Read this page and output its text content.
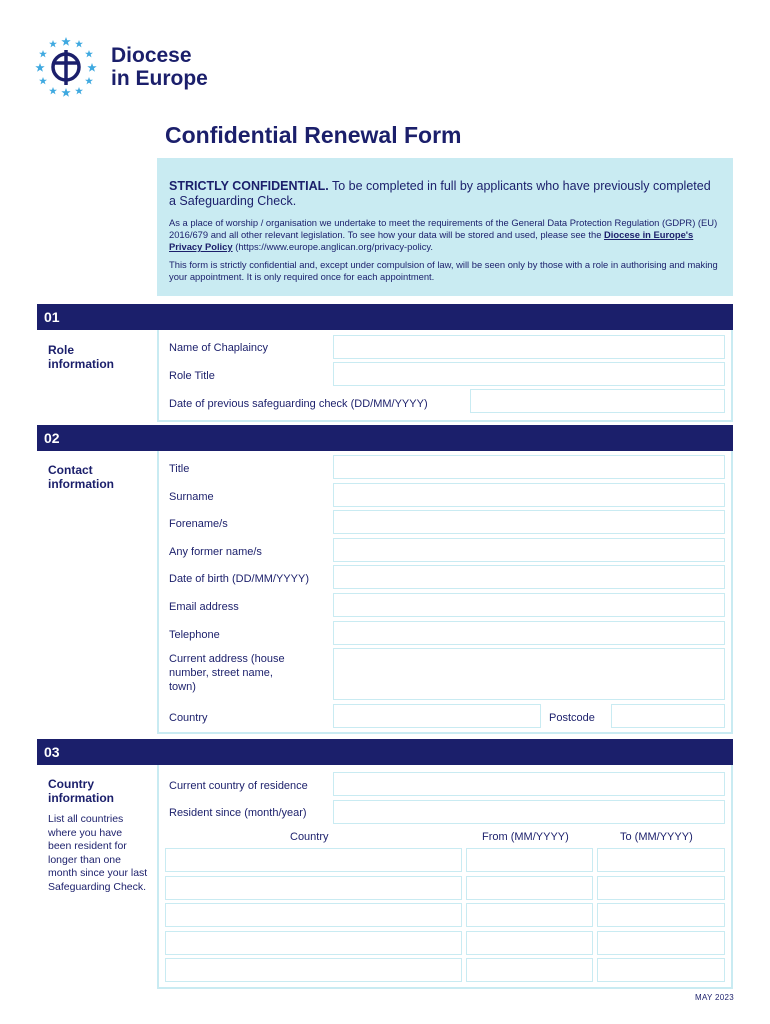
Diocese
in Europe
Confidential Renewal Form

STRICTLY CONFIDENTIAL. To be completed in full by applicants who have previously completed a Safeguarding Check.

As a place of worship / organisation we undertake to meet the requirements of the General Data Protection Regulation (GDPR) (EU) 2016/679 and all other relevant legislation. To see how your data will be stored and used, please see the Diocese in Europe's Privacy Policy (https://www.europe.anglican.org/privacy-policy.

This form is strictly confidential and, except under compulsion of law, will be seen only by those with a role in authorising and making your appointment. It is only required once for each appointment.

01
Role information
Name of Chaplaincy
Role Title
Date of previous safeguarding check (DD/MM/YYYY)
02
Contact information
Title
Surname
Forename/s
Any former name/s
Date of birth (DD/MM/YYYY)
Email address
Telephone
Current address (house number, street name, town)
Country	Postcode
03
Country information
List all countries where you have been resident for longer than one month since your last Safeguarding Check.
Current country of residence
Resident since (month/year)
Country	From (MM/YYYY)	To (MM/YYYY)
MAY 2023
